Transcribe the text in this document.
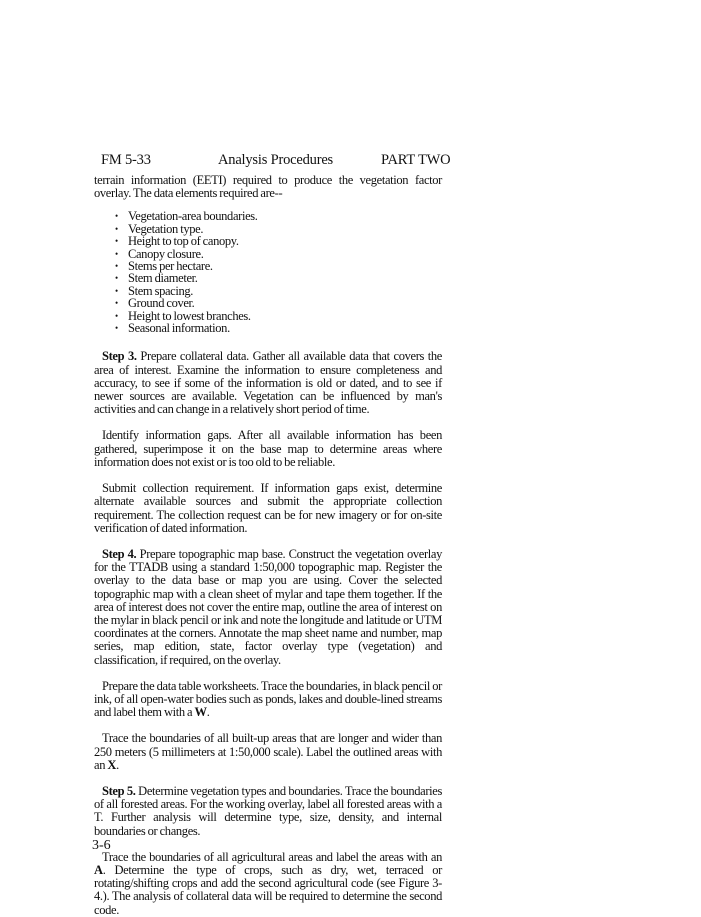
FM 5-33	Analysis Procedures	PART TWO

terrain information (EETI) required to produce the vegetation factor overlay. The data elements required are--

• Vegetation-area boundaries.
• Vegetation type.
• Height to top of canopy.
• Canopy closure.
• Stems per hectare.
• Stem diameter.
• Stem spacing.
• Ground cover.
• Height to lowest branches.
• Seasonal information.

Step 3. Prepare collateral data. Gather all available data that covers the area of interest. Examine the information to ensure completeness and accuracy, to see if some of the information is old or dated, and to see if newer sources are available. Vegetation can be influenced by man's activities and can change in a relatively short period of time.

Identify information gaps. After all available information has been gathered, superimpose it on the base map to determine areas where information does not exist or is too old to be reliable.

Submit collection requirement. If information gaps exist, determine alternate available sources and submit the appropriate collection requirement. The collection request can be for new imagery or for on-site verification of dated information.

Step 4. Prepare topographic map base. Construct the vegetation overlay for the TTADB using a standard 1:50,000 topographic map. Register the overlay to the data base or map you are using. Cover the selected topographic map with a clean sheet of mylar and tape them together. If the area of interest does not cover the entire map, outline the area of interest on the mylar in black pencil or ink and note the longitude and latitude or UTM coordinates at the corners. Annotate the map sheet name and number, map series, map edition, state, factor overlay type (vegetation) and classification, if required, on the overlay.

Prepare the data table worksheets. Trace the boundaries, in black pencil or ink, of all open-water bodies such as ponds, lakes and double-lined streams and label them with a W.

Trace the boundaries of all built-up areas that are longer and wider than 250 meters (5 millimeters at 1:50,000 scale). Label the outlined areas with an X.

Step 5. Determine vegetation types and boundaries. Trace the boundaries of all forested areas. For the working overlay, label all forested areas with a T. Further analysis will determine type, size, density, and internal boundaries or changes.

Trace the boundaries of all agricultural areas and label the areas with an A. Determine the type of crops, such as dry, wet, terraced or rotating/shifting crops and add the second agricultural code (see Figure 3-4.). The analysis of collateral data will be required to determine the second code.

3-6
